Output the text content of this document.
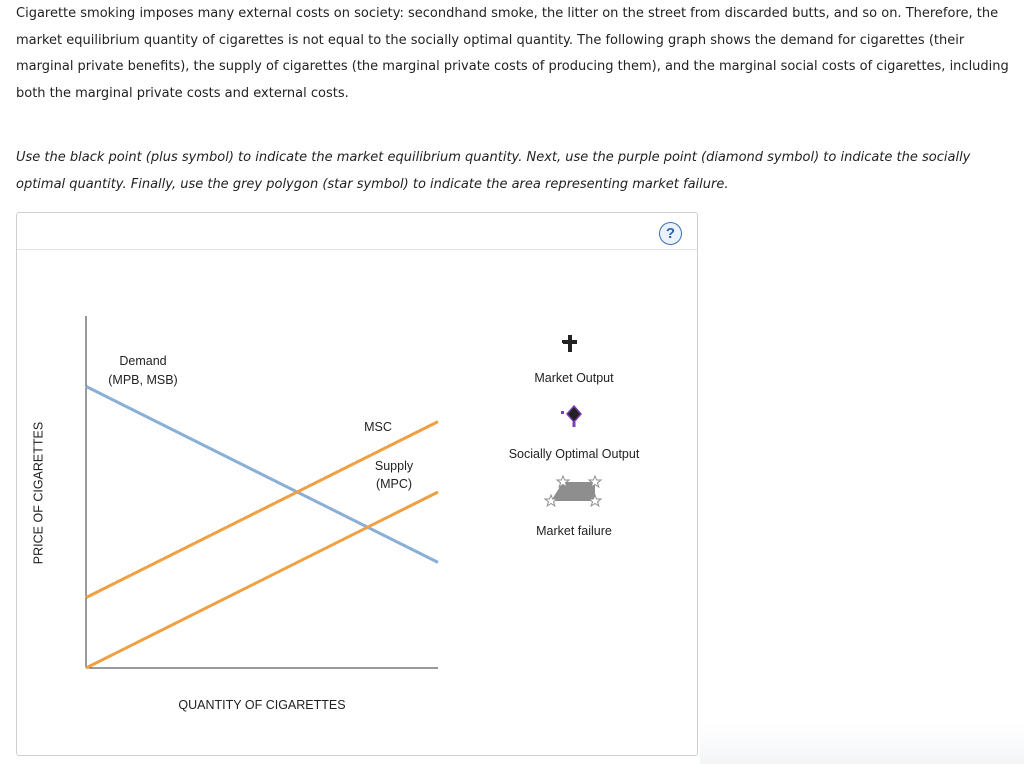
Cigarette smoking imposes many external costs on society: secondhand smoke, the litter on the street from discarded butts, and so on. Therefore, the market equilibrium quantity of cigarettes is not equal to the socially optimal quantity. The following graph shows the demand for cigarettes (their marginal private benefits), the supply of cigarettes (the marginal private costs of producing them), and the marginal social costs of cigarettes, including both the marginal private costs and external costs.

Use the black point (plus symbol) to indicate the market equilibrium quantity. Next, use the purple point (diamond symbol) to indicate the socially optimal quantity. Finally, use the grey polygon (star symbol) to indicate the area representing market failure.

?
PRICE OF CIGARETTES
QUANTITY OF CIGARETTES
Demand
(MPB, MSB)
MSC
Supply
(MPC)
Market Output
Socially Optimal Output
Market failure
